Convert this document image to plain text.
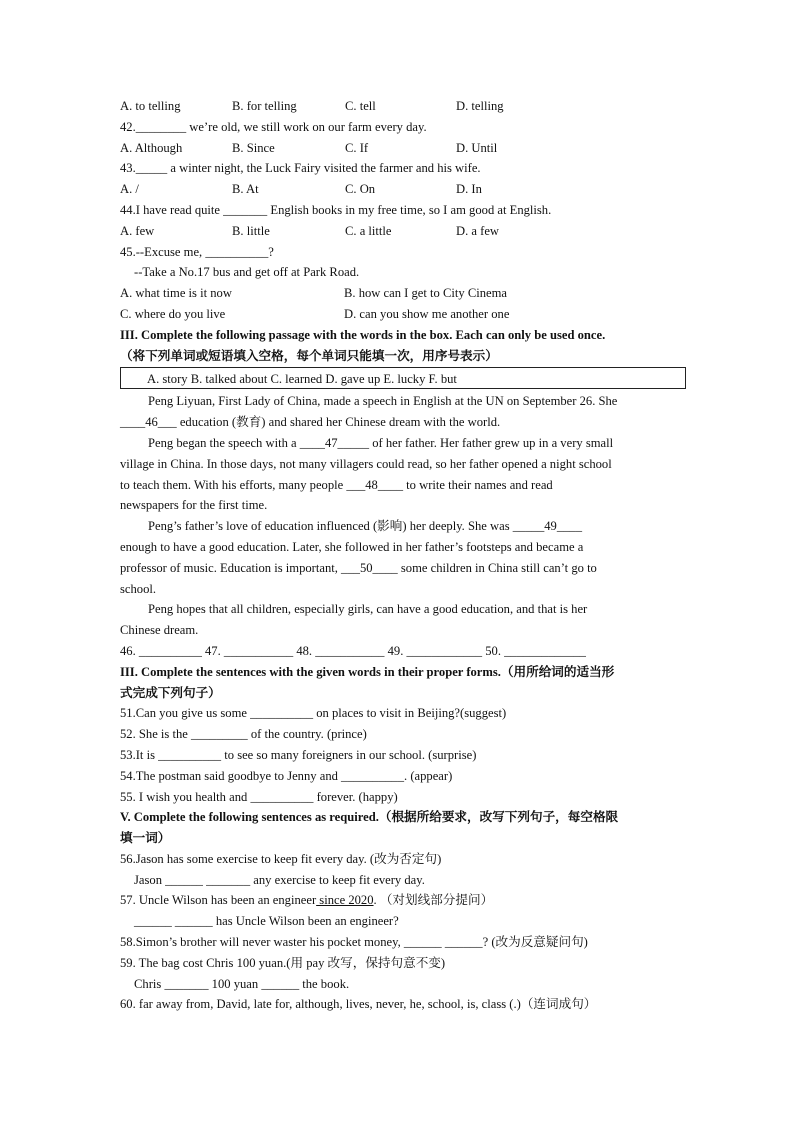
A. to telling	B. for telling	C. tell	D. telling
42.________ we’re old, we still work on our farm every day.
A. Although	B. Since	C. If	D. Until
43._____ a winter night, the Luck Fairy visited the farmer and his wife.
A. /	B. At	C. On	D. In
44.I have read quite _______ English books in my free time, so I am good at English.
A. few	B. little	C. a little	D. a few
45.--Excuse me, __________?
--Take a No.17 bus and get off at Park Road.
A. what time is it now	B. how can I get to City Cinema
C. where do you live	D. can you show me another one
III. Complete the following passage with the words in the box. Each can only be used once.
（将下列单词或短语填入空格，每个单词只能填一次，用序号表示）
A. story B. talked about C. learned D. gave up E. lucky F. but
Peng Liyuan, First Lady of China, made a speech in English at the UN on September 26. She
____46___ education (教育) and shared her Chinese dream with the world.
Peng began the speech with a ____47_____ of her father. Her father grew up in a very small
village in China. In those days, not many villagers could read, so her father opened a night school
to teach them. With his efforts, many people ___48____ to write their names and read
newspapers for the first time.
Peng’s father’s love of education influenced (影响) her deeply. She was _____49____
enough to have a good education. Later, she followed in her father’s footsteps and became a
professor of music. Education is important, ___50____ some children in China still can’t go to
school.
Peng hopes that all children, especially girls, can have a good education, and that is her
Chinese dream.
46. __________ 47. ___________ 48. ___________ 49. ____________ 50. _____________
III. Complete the sentences with the given words in their proper forms.（用所给词的适当形
式完成下列句子）
51.Can you give us some __________ on places to visit in Beijing?(suggest)
52. She is the _________ of the country. (prince)
53.It is __________ to see so many foreigners in our school. (surprise)
54.The postman said goodbye to Jenny and __________. (appear)
55. I wish you health and __________ forever. (happy)
V. Complete the following sentences as required.（根据所给要求，改写下列句子，每空格限
填一词）
56.Jason has some exercise to keep fit every day. (改为否定句)
Jason ______ _______ any exercise to keep fit every day.
57. Uncle Wilson has been an engineer since 2020. （对划线部分提问）
______ ______ has Uncle Wilson been an engineer?
58.Simon’s brother will never waster his pocket money, ______ ______? (改为反意疑问句)
59. The bag cost Chris 100 yuan.(用 pay 改写，保持句意不变)
Chris _______ 100 yuan ______ the book.
60. far away from, David, late for, although, lives, never, he, school, is, class (.)（连词成句）
